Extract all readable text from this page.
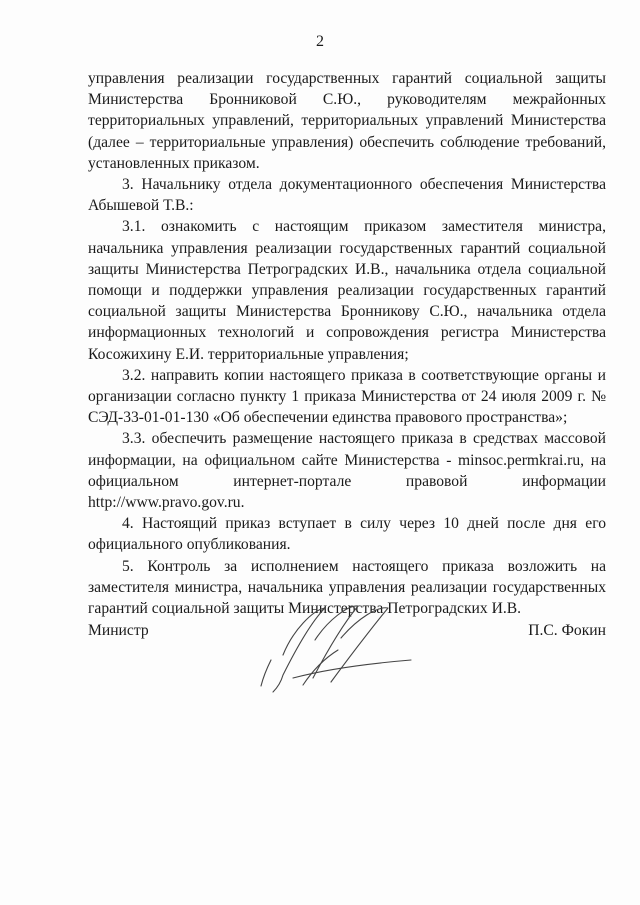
2

управления реализации государственных гарантий социальной защиты Министерства Бронниковой С.Ю., руководителям межрайонных территориальных управлений, территориальных управлений Министерства (далее – территориальные управления) обеспечить соблюдение требований, установленных приказом.

3. Начальнику отдела документационного обеспечения Министерства Абышевой Т.В.:

3.1. ознакомить с настоящим приказом заместителя министра, начальника управления реализации государственных гарантий социальной защиты Министерства Петроградских И.В., начальника отдела социальной помощи и поддержки управления реализации государственных гарантий социальной защиты Министерства Бронникову С.Ю., начальника отдела информационных технологий и сопровождения регистра Министерства Косожихину Е.И. территориальные управления;

3.2. направить копии настоящего приказа в соответствующие органы и организации согласно пункту 1 приказа Министерства от 24 июля 2009 г. № СЭД-33-01-01-130 «Об обеспечении единства правового пространства»;

3.3. обеспечить размещение настоящего приказа в средствах массовой информации, на официальном сайте Министерства - minsoc.permkrai.ru, на официальном интернет-портале правовой информации http://www.pravo.gov.ru.

4. Настоящий приказ вступает в силу через 10 дней после дня его официального опубликования.

5. Контроль за исполнением настоящего приказа возложить на заместителя министра, начальника управления реализации государственных гарантий социальной защиты Министерства Петроградских И.В.

Министр	П.С. Фокин
